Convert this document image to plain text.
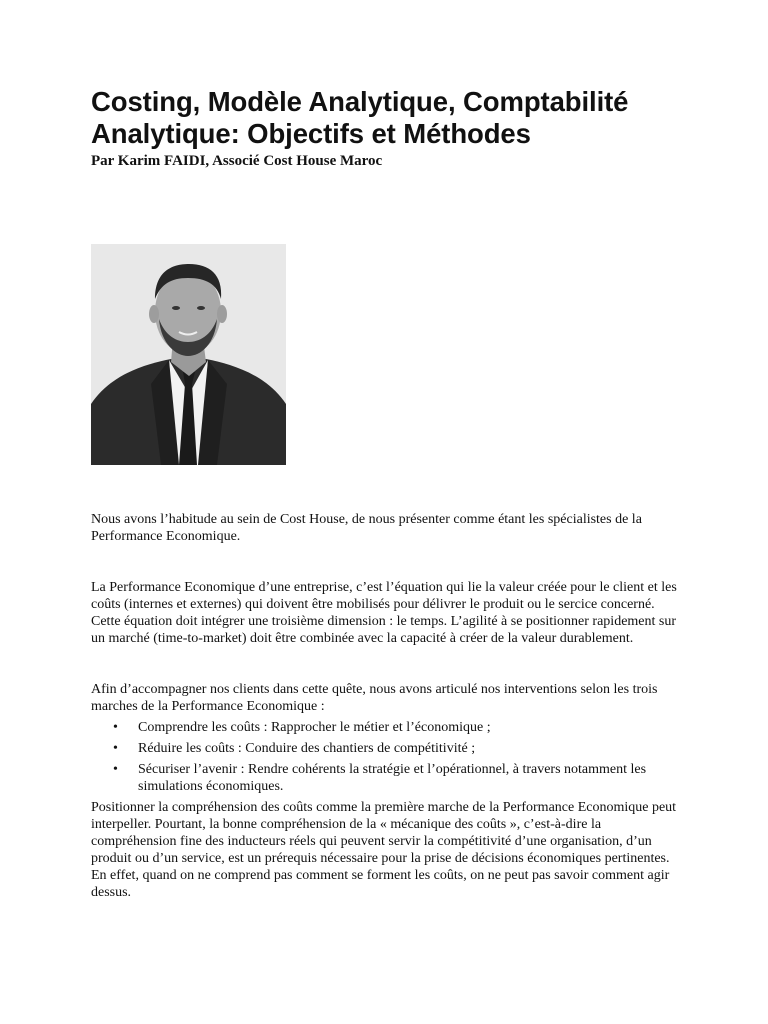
Costing, Modèle Analytique, Comptabilité Analytique: Objectifs et Méthodes

Par Karim FAIDI, Associé Cost House Maroc

Nous avons l’habitude au sein de Cost House, de nous présenter comme étant les spécialistes de la Performance Economique.

La Performance Economique d’une entreprise, c’est l’équation qui lie la valeur créée pour le client et les coûts (internes et externes) qui doivent être mobilisés pour délivrer le produit ou le sercice concerné. Cette équation doit intégrer une troisième dimension : le temps. L’agilité à se positionner rapidement sur un marché (time-to-market) doit être combinée avec la capacité à créer de la valeur durablement.

Afin d’accompagner nos clients dans cette quête, nous avons articulé nos interventions selon les trois marches de la Performance Economique :

• Comprendre les coûts : Rapprocher le métier et l’économique ;
• Réduire les coûts : Conduire des chantiers de compétitivité ;
• Sécuriser l’avenir : Rendre cohérents la stratégie et l’opérationnel, à travers notamment les simulations économiques.

Positionner la compréhension des coûts comme la première marche de la Performance Economique peut interpeller. Pourtant, la bonne compréhension de la « mécanique des coûts », c’est-à-dire la compréhension fine des inducteurs réels qui peuvent servir la compétitivité d’une organisation, d’un produit ou d’un service, est un prérequis nécessaire pour la prise de décisions économiques pertinentes. En effet, quand on ne comprend pas comment se forment les coûts, on ne peut pas savoir comment agir dessus.
